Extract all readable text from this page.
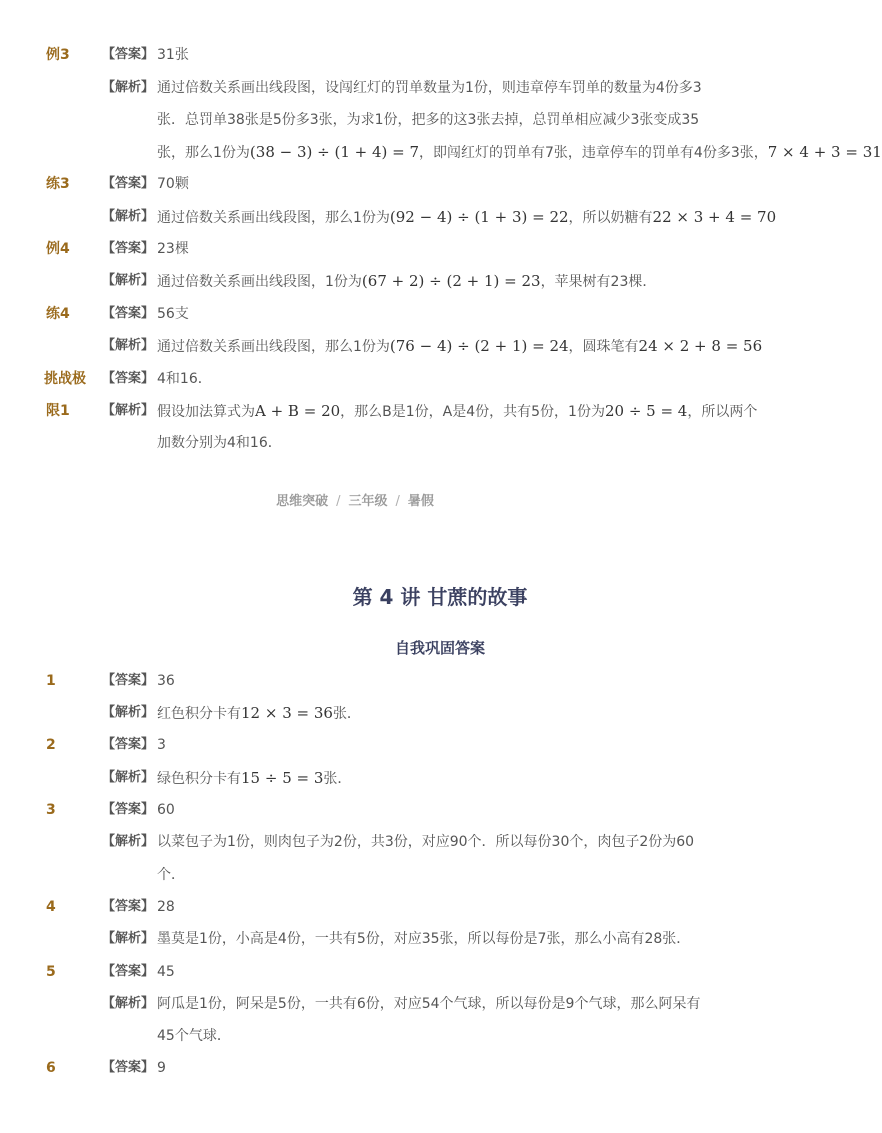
例3 【答案】 31张
【解析】 通过倍数关系画出线段图，设闯红灯的罚单数量为1份，则违章停车罚单的数量为4份多3
张．总罚单38张是5份多3张，为求1份，把多的这3张去掉，总罚单相应减少3张变成35
张，那么1份为(38 − 3) ÷ (1 + 4) = 7，即闯红灯的罚单有7张，违章停车的罚单有4份多3张，7 × 4 + 3 = 31
练3 【答案】 70颗
【解析】 通过倍数关系画出线段图，那么1份为(92 − 4) ÷ (1 + 3) = 22，所以奶糖有22 × 3 + 4 = 70
例4 【答案】 23棵
【解析】 通过倍数关系画出线段图，1份为(67 + 2) ÷ (2 + 1) = 23，苹果树有23棵．
练4 【答案】 56支
【解析】 通过倍数关系画出线段图，那么1份为(76 − 4) ÷ (2 + 1) = 24，圆珠笔有24 × 2 + 8 = 56
挑战极 【答案】 4和16．
限1 【解析】 假设加法算式为A + B = 20，那么B是1份，A是4份，共有5份，1份为20 ÷ 5 = 4，所以两个
加数分别为4和16．
思维突破 / 三年级 / 暑假
第 4 讲 甘蔗的故事
自我巩固答案
1	【答案】 36
【解析】 红色积分卡有12 × 3 = 36张．
2	【答案】 3
【解析】 绿色积分卡有15 ÷ 5 = 3张．
3	【答案】 60
【解析】 以菜包子为1份，则肉包子为2份，共3份，对应90个．所以每份30个，肉包子2份为60
个．
4	【答案】 28
【解析】 墨莫是1份，小高是4份，一共有5份，对应35张，所以每份是7张，那么小高有28张．
5	【答案】 45
【解析】 阿瓜是1份，阿呆是5份，一共有6份，对应54个气球，所以每份是9个气球，那么阿呆有
45个气球．
6	【答案】 9
